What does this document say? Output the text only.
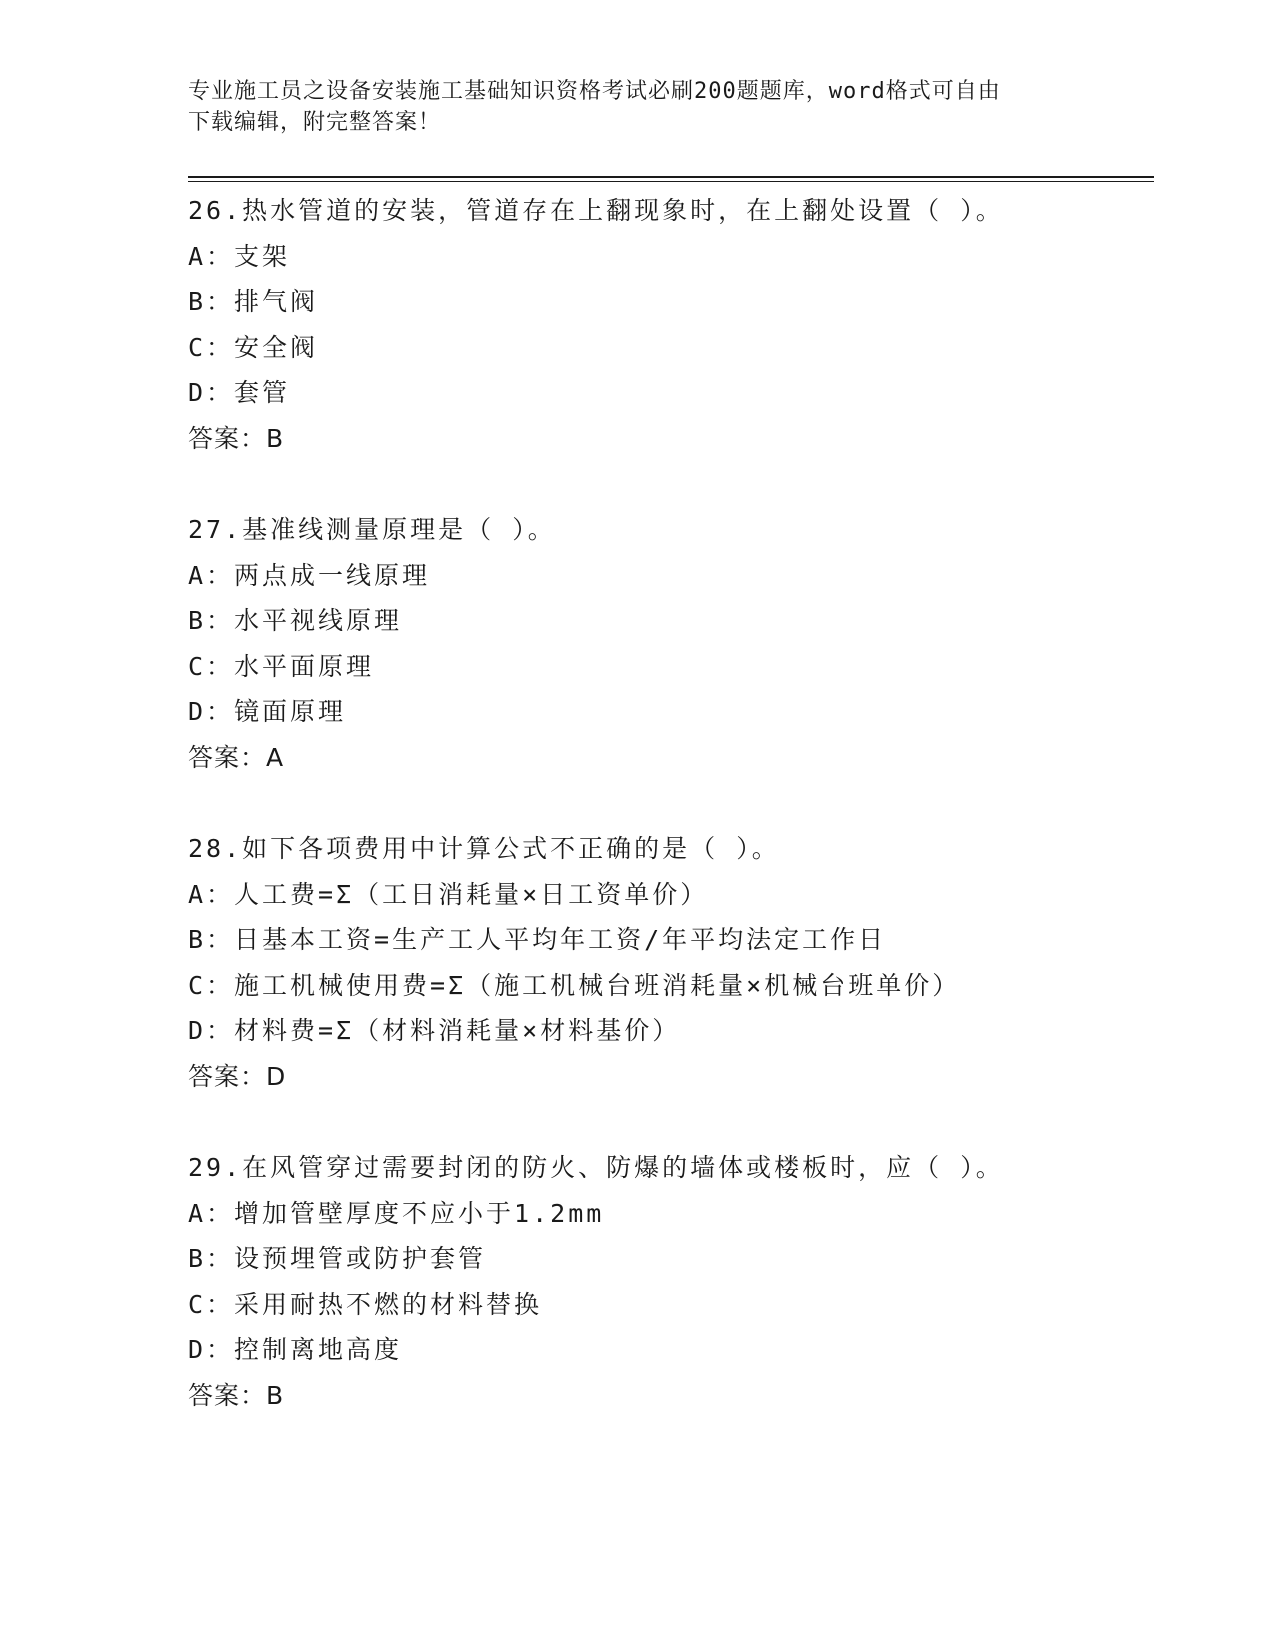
专业施工员之设备安装施工基础知识资格考试必刷200题题库，word格式可自由
下载编辑，附完整答案！
26.热水管道的安装，管道存在上翻现象时，在上翻处设置（ ）。
A：支架
B：排气阀
C：安全阀
D：套管
答案：B
27.基准线测量原理是（ ）。
A：两点成一线原理
B：水平视线原理
C：水平面原理
D：镜面原理
答案：A
28.如下各项费用中计算公式不正确的是（ ）。
A：人工费=Σ（工日消耗量×日工资单价）
B：日基本工资=生产工人平均年工资/年平均法定工作日
C：施工机械使用费=Σ（施工机械台班消耗量×机械台班单价）
D：材料费=Σ（材料消耗量×材料基价）
答案：D
29.在风管穿过需要封闭的防火、防爆的墙体或楼板时，应（ ）。
A：增加管壁厚度不应小于1.2mm
B：设预埋管或防护套管
C：采用耐热不燃的材料替换
D：控制离地高度
答案：B
